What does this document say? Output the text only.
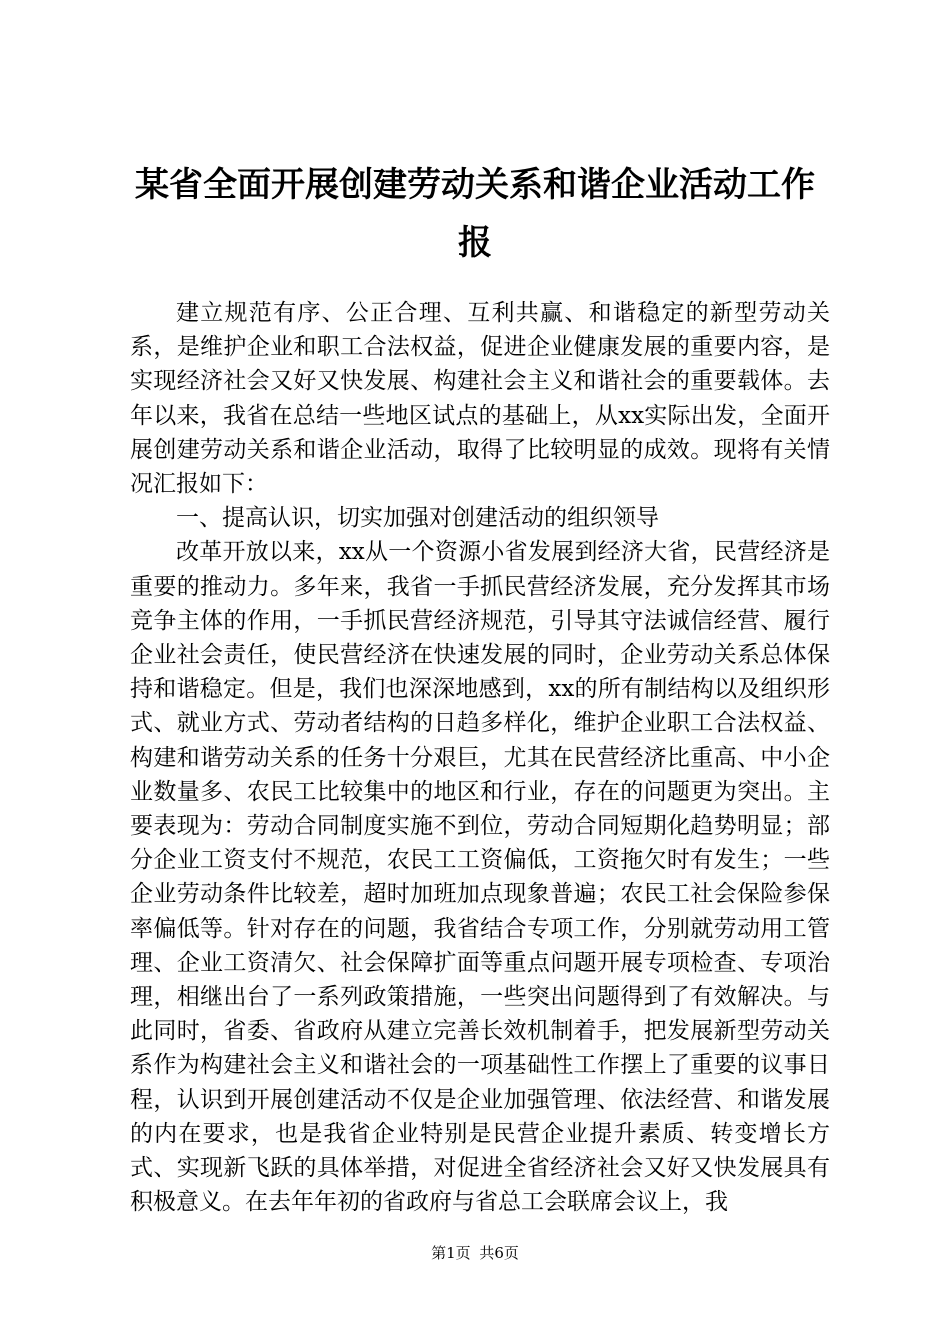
某省全面开展创建劳动关系和谐企业活动工作
报

建立规范有序、公正合理、互利共赢、和谐稳定的新型劳动关系，是维护企业和职工合法权益，促进企业健康发展的重要内容，是实现经济社会又好又快发展、构建社会主义和谐社会的重要载体。去年以来，我省在总结一些地区试点的基础上，从xx实际出发，全面开展创建劳动关系和谐企业活动，取得了比较明显的成效。现将有关情况汇报如下：

一、提高认识，切实加强对创建活动的组织领导

改革开放以来，xx从一个资源小省发展到经济大省，民营经济是重要的推动力。多年来，我省一手抓民营经济发展，充分发挥其市场竞争主体的作用，一手抓民营经济规范，引导其守法诚信经营、履行企业社会责任，使民营经济在快速发展的同时，企业劳动关系总体保持和谐稳定。但是，我们也深深地感到，xx的所有制结构以及组织形式、就业方式、劳动者结构的日趋多样化，维护企业职工合法权益、构建和谐劳动关系的任务十分艰巨，尤其在民营经济比重高、中小企业数量多、农民工比较集中的地区和行业，存在的问题更为突出。主要表现为：劳动合同制度实施不到位，劳动合同短期化趋势明显；部分企业工资支付不规范，农民工工资偏低，工资拖欠时有发生；一些企业劳动条件比较差，超时加班加点现象普遍；农民工社会保险参保率偏低等。针对存在的问题，我省结合专项工作，分别就劳动用工管理、企业工资清欠、社会保障扩面等重点问题开展专项检查、专项治理，相继出台了一系列政策措施，一些突出问题得到了有效解决。与此同时，省委、省政府从建立完善长效机制着手，把发展新型劳动关系作为构建社会主义和谐社会的一项基础性工作摆上了重要的议事日程，认识到开展创建活动不仅是企业加强管理、依法经营、和谐发展的内在要求，也是我省企业特别是民营企业提升素质、转变增长方式、实现新飞跃的具体举措，对促进全省经济社会又好又快发展具有积极意义。在去年年初的省政府与省总工会联席会议上，我

第1页 共6页
